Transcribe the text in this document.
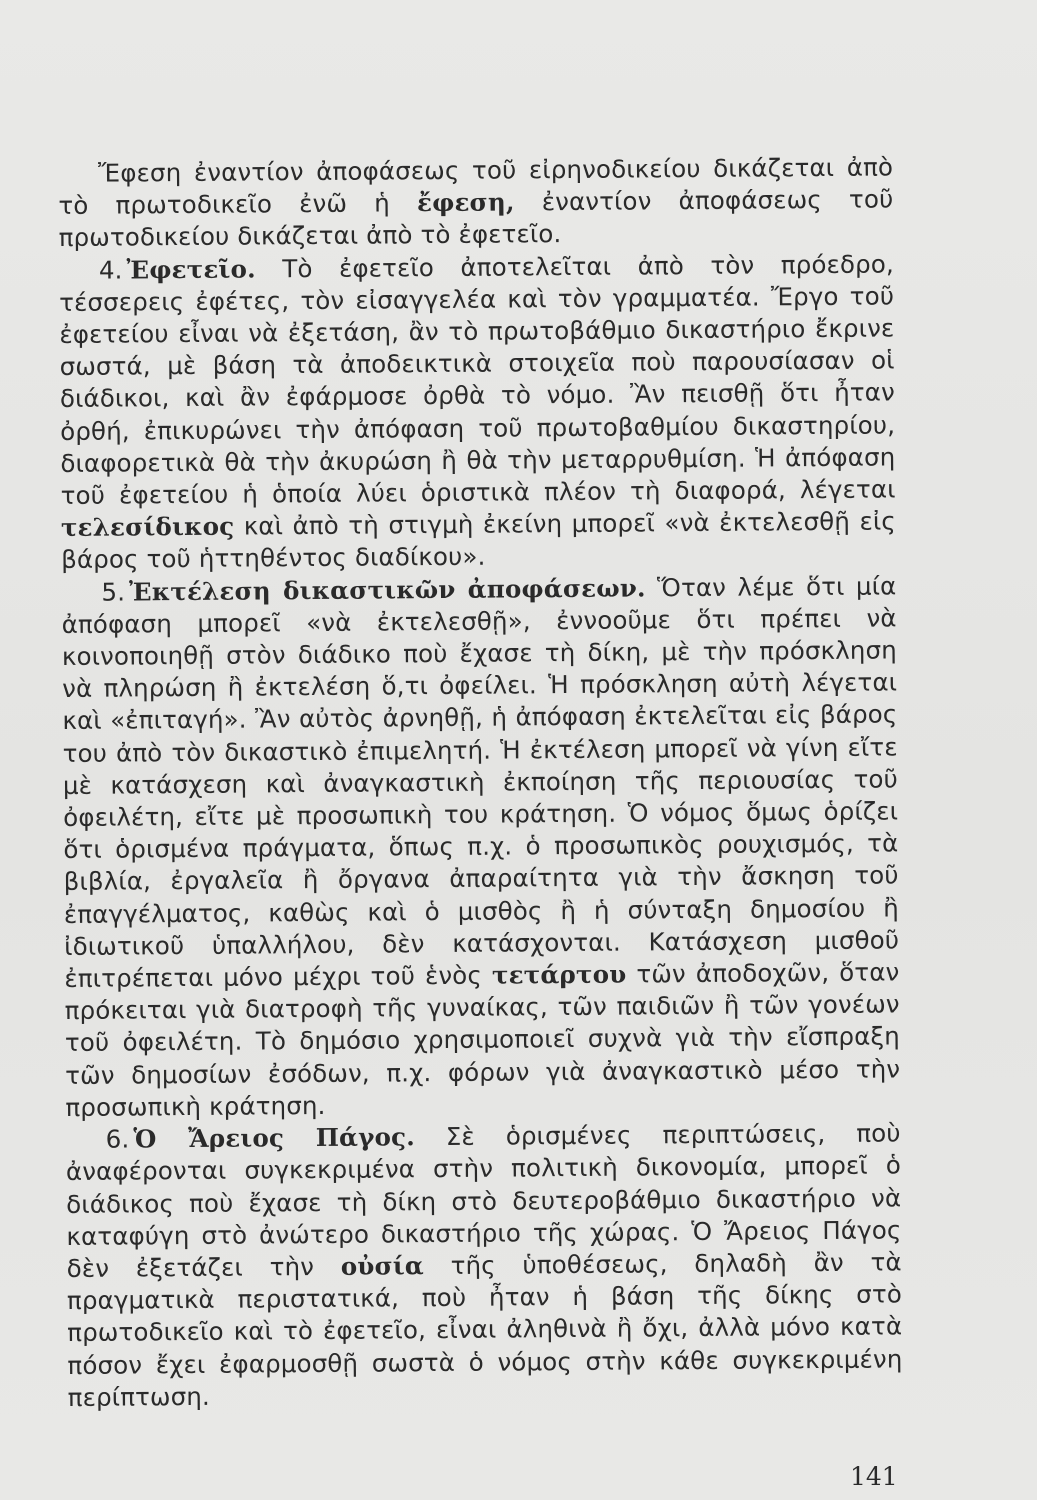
Ἔφεση ἐναντίον ἀποφάσεως τοῦ εἰρηνοδικείου δικάζεται ἀπὸ τὸ πρωτοδικεῖο ἐνῶ ἡ ἔφεση, ἐναντίον ἀποφάσεως τοῦ πρωτοδικείου δικάζεται ἀπὸ τὸ ἐφετεῖο.

4. Ἐφετεῖο. Τὸ ἐφετεῖο ἀποτελεῖται ἀπὸ τὸν πρόεδρο, τέσσερεις ἐφέτες, τὸν εἰσαγγελέα καὶ τὸν γραμματέα. Ἔργο τοῦ ἐφετείου εἶναι νὰ ἐξετάση, ἂν τὸ πρωτοβάθμιο δικαστήριο ἔκρινε σωστά, μὲ βάση τὰ ἀποδεικτικὰ στοιχεῖα ποὺ παρουσίασαν οἱ διάδικοι, καὶ ἂν ἐφάρμοσε ὀρθὰ τὸ νόμο. Ἂν πεισθῇ ὅτι ἦταν ὀρθή, ἐπικυρώνει τὴν ἀπόφαση τοῦ πρωτοβαθμίου δικαστηρίου, διαφορετικὰ θὰ τὴν ἀκυρώση ἢ θὰ τὴν μεταρρυθμίση. Ἡ ἀπόφαση τοῦ ἐφετείου ἡ ὁποία λύει ὁριστικὰ πλέον τὴ διαφορά, λέγεται τελεσίδικος καὶ ἀπὸ τὴ στιγμὴ ἐκείνη μπορεῖ «νὰ ἐκτελεσθῇ εἰς βάρος τοῦ ἡττηθέντος διαδίκου».

5. Ἐκτέλεση δικαστικῶν ἀποφάσεων. Ὅταν λέμε ὅτι μία ἀπόφαση μπορεῖ «νὰ ἐκτελεσθῇ», ἐννοοῦμε ὅτι πρέπει νὰ κοινοποιηθῇ στὸν διάδικο ποὺ ἔχασε τὴ δίκη, μὲ τὴν πρόσκληση νὰ πληρώση ἢ ἐκτελέση ὅ,τι ὀφείλει. Ἡ πρόσκληση αὐτὴ λέγεται καὶ «ἐπιταγή». Ἂν αὐτὸς ἀρνηθῇ, ἡ ἀπόφαση ἐκτελεῖται εἰς βάρος του ἀπὸ τὸν δικαστικὸ ἐπιμελητή. Ἡ ἐκτέλεση μπορεῖ νὰ γίνη εἴτε μὲ κατάσχεση καὶ ἀναγκαστικὴ ἐκποίηση τῆς περιουσίας τοῦ ὀφειλέτη, εἴτε μὲ προσωπικὴ του κράτηση. Ὁ νόμος ὅμως ὁρίζει ὅτι ὁρισμένα πράγματα, ὅπως π.χ. ὁ προσωπικὸς ρουχισμός, τὰ βιβλία, ἐργαλεῖα ἢ ὄργανα ἀπαραίτητα γιὰ τὴν ἄσκηση τοῦ ἐπαγγέλματος, καθὼς καὶ ὁ μισθὸς ἢ ἡ σύνταξη δημοσίου ἢ ἰδιωτικοῦ ὑπαλλήλου, δὲν κατάσχονται. Κατάσχεση μισθοῦ ἐπιτρέπεται μόνο μέχρι τοῦ ἑνὸς τετάρτου τῶν ἀποδοχῶν, ὅταν πρόκειται γιὰ διατροφὴ τῆς γυναίκας, τῶν παιδιῶν ἢ τῶν γονέων τοῦ ὀφειλέτη. Τὸ δημόσιο χρησιμοποιεῖ συχνὰ γιὰ τὴν εἴσπραξη τῶν δημοσίων ἐσόδων, π.χ. φόρων γιὰ ἀναγκαστικὸ μέσο τὴν προσωπικὴ κράτηση.

6. Ὁ Ἄρειος Πάγος. Σὲ ὁρισμένες περιπτώσεις, ποὺ ἀναφέρονται συγκεκριμένα στὴν πολιτικὴ δικονομία, μπορεῖ ὁ διάδικος ποὺ ἔχασε τὴ δίκη στὸ δευτεροβάθμιο δικαστήριο νὰ καταφύγη στὸ ἀνώτερο δικαστήριο τῆς χώρας. Ὁ Ἄρειος Πάγος δὲν ἐξετάζει τὴν οὐσία τῆς ὑποθέσεως, δηλαδὴ ἂν τὰ πραγματικὰ περιστατικά, ποὺ ἦταν ἡ βάση τῆς δίκης στὸ πρωτοδικεῖο καὶ τὸ ἐφετεῖο, εἶναι ἀληθινὰ ἢ ὄχι, ἀλλὰ μόνο κατὰ πόσον ἔχει ἐφαρμοσθῇ σωστὰ ὁ νόμος στὴν κάθε συγκεκριμένη περίπτωση.

141
